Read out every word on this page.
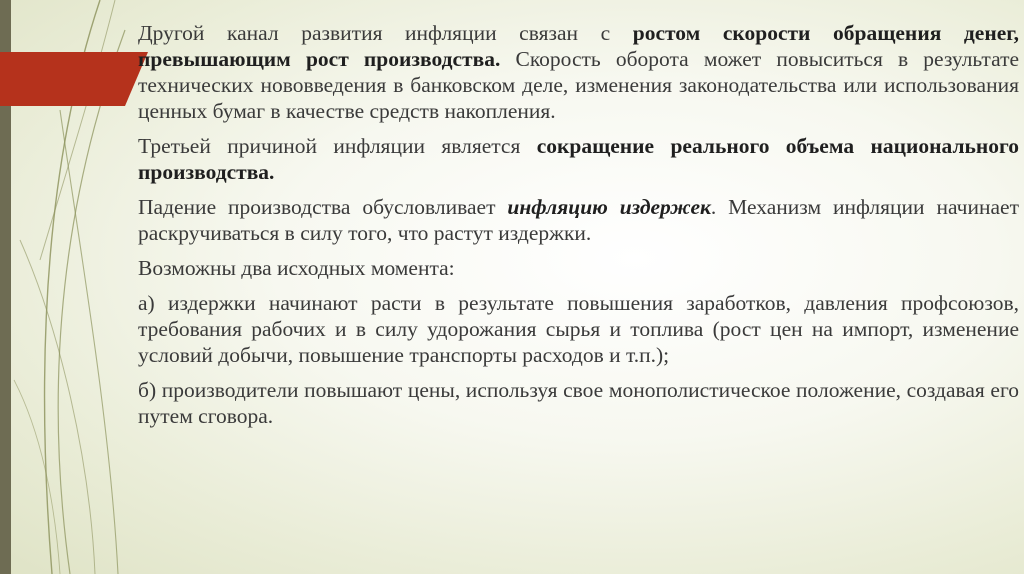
Другой канал развития инфляции связан с ростом скорости обращения денег, превышающим рост производства. Скорость оборота может повыситься в результате технических нововведения в банковском деле, изменения законодательства или использования ценных бумаг в качестве средств накопления.

Третьей причиной инфляции является сокращение реального объема национального производства.

Падение производства обусловливает инфляцию издержек. Механизм инфляции начинает раскручиваться в силу того, что растут издержки.

Возможны два исходных момента:

а) издержки начинают расти в результате повышения заработков, давления профсоюзов, требования рабочих и в силу удорожания сырья и топлива (рост цен на импорт, изменение условий добычи, повышение транспорты расходов и т.п.);

б) производители повышают цены, используя свое монополистическое положение, создавая его путем сговора.
